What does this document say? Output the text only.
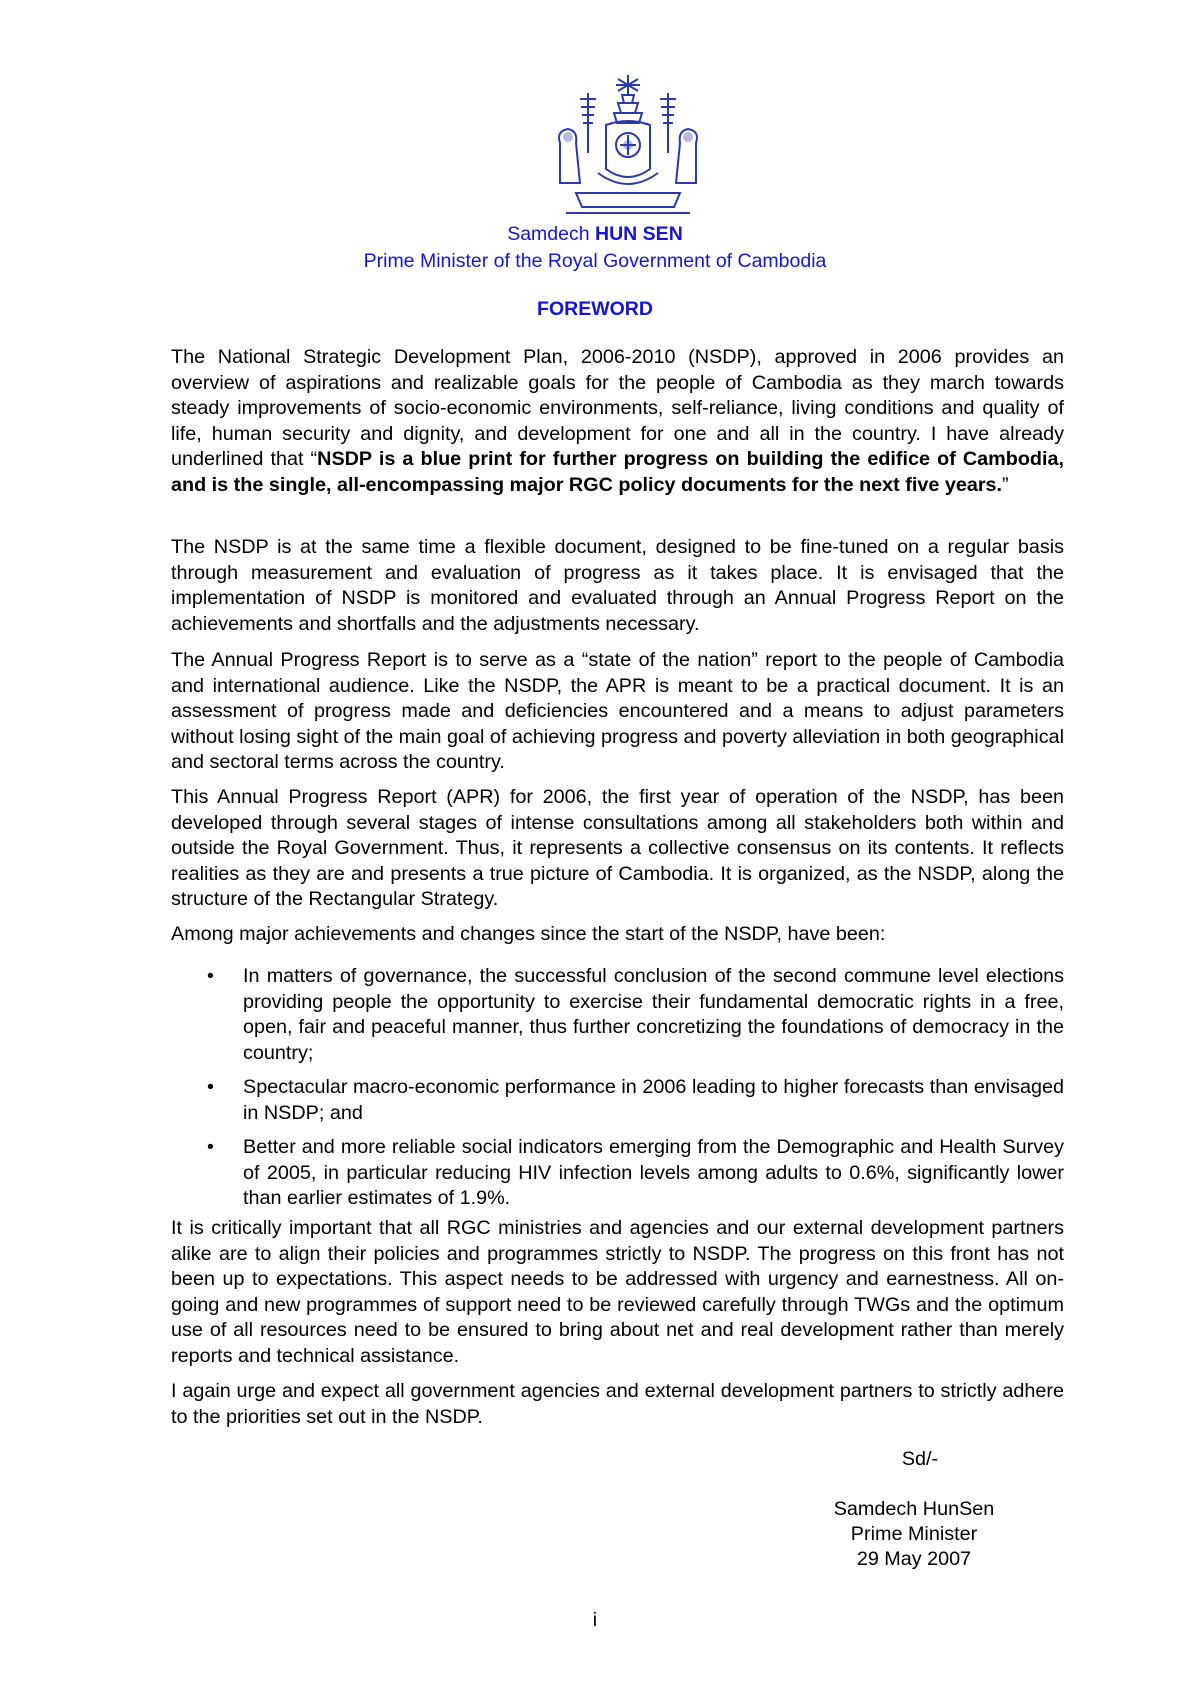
Samdech HUN SEN
Prime Minister of the Royal Government of Cambodia
FOREWORD

The National Strategic Development Plan, 2006-2010 (NSDP), approved in 2006 provides an overview of aspirations and realizable goals for the people of Cambodia as they march towards steady improvements of socio-economic environments, self-reliance, living conditions and quality of life, human security and dignity, and development for one and all in the country. I have already underlined that “NSDP is a blue print for further progress on building the edifice of Cambodia, and is the single, all-encompassing major RGC policy documents for the next five years.”

The NSDP is at the same time a flexible document, designed to be fine-tuned on a regular basis through measurement and evaluation of progress as it takes place. It is envisaged that the implementation of NSDP is monitored and evaluated through an Annual Progress Report on the achievements and shortfalls and the adjustments necessary.

The Annual Progress Report is to serve as a “state of the nation” report to the people of Cambodia and international audience. Like the NSDP, the APR is meant to be a practical document. It is an assessment of progress made and deficiencies encountered and a means to adjust parameters without losing sight of the main goal of achieving progress and poverty alleviation in both geographical and sectoral terms across the country.

This Annual Progress Report (APR) for 2006, the first year of operation of the NSDP, has been developed through several stages of intense consultations among all stakeholders both within and outside the Royal Government. Thus, it represents a collective consensus on its contents. It reflects realities as they are and presents a true picture of Cambodia. It is organized, as the NSDP, along the structure of the Rectangular Strategy.

Among major achievements and changes since the start of the NSDP, have been:

• In matters of governance, the successful conclusion of the second commune level elections providing people the opportunity to exercise their fundamental democratic rights in a free, open, fair and peaceful manner, thus further concretizing the foundations of democracy in the country;
• Spectacular macro-economic performance in 2006 leading to higher forecasts than envisaged in NSDP; and
• Better and more reliable social indicators emerging from the Demographic and Health Survey of 2005, in particular reducing HIV infection levels among adults to 0.6%, significantly lower than earlier estimates of 1.9%.

It is critically important that all RGC ministries and agencies and our external development partners alike are to align their policies and programmes strictly to NSDP. The progress on this front has not been up to expectations. This aspect needs to be addressed with urgency and earnestness. All on-going and new programmes of support need to be reviewed carefully through TWGs and the optimum use of all resources need to be ensured to bring about net and real development rather than merely reports and technical assistance.

I again urge and expect all government agencies and external development partners to strictly adhere to the priorities set out in the NSDP.

Sd/-
Samdech HunSen
Prime Minister
29 May 2007
i
